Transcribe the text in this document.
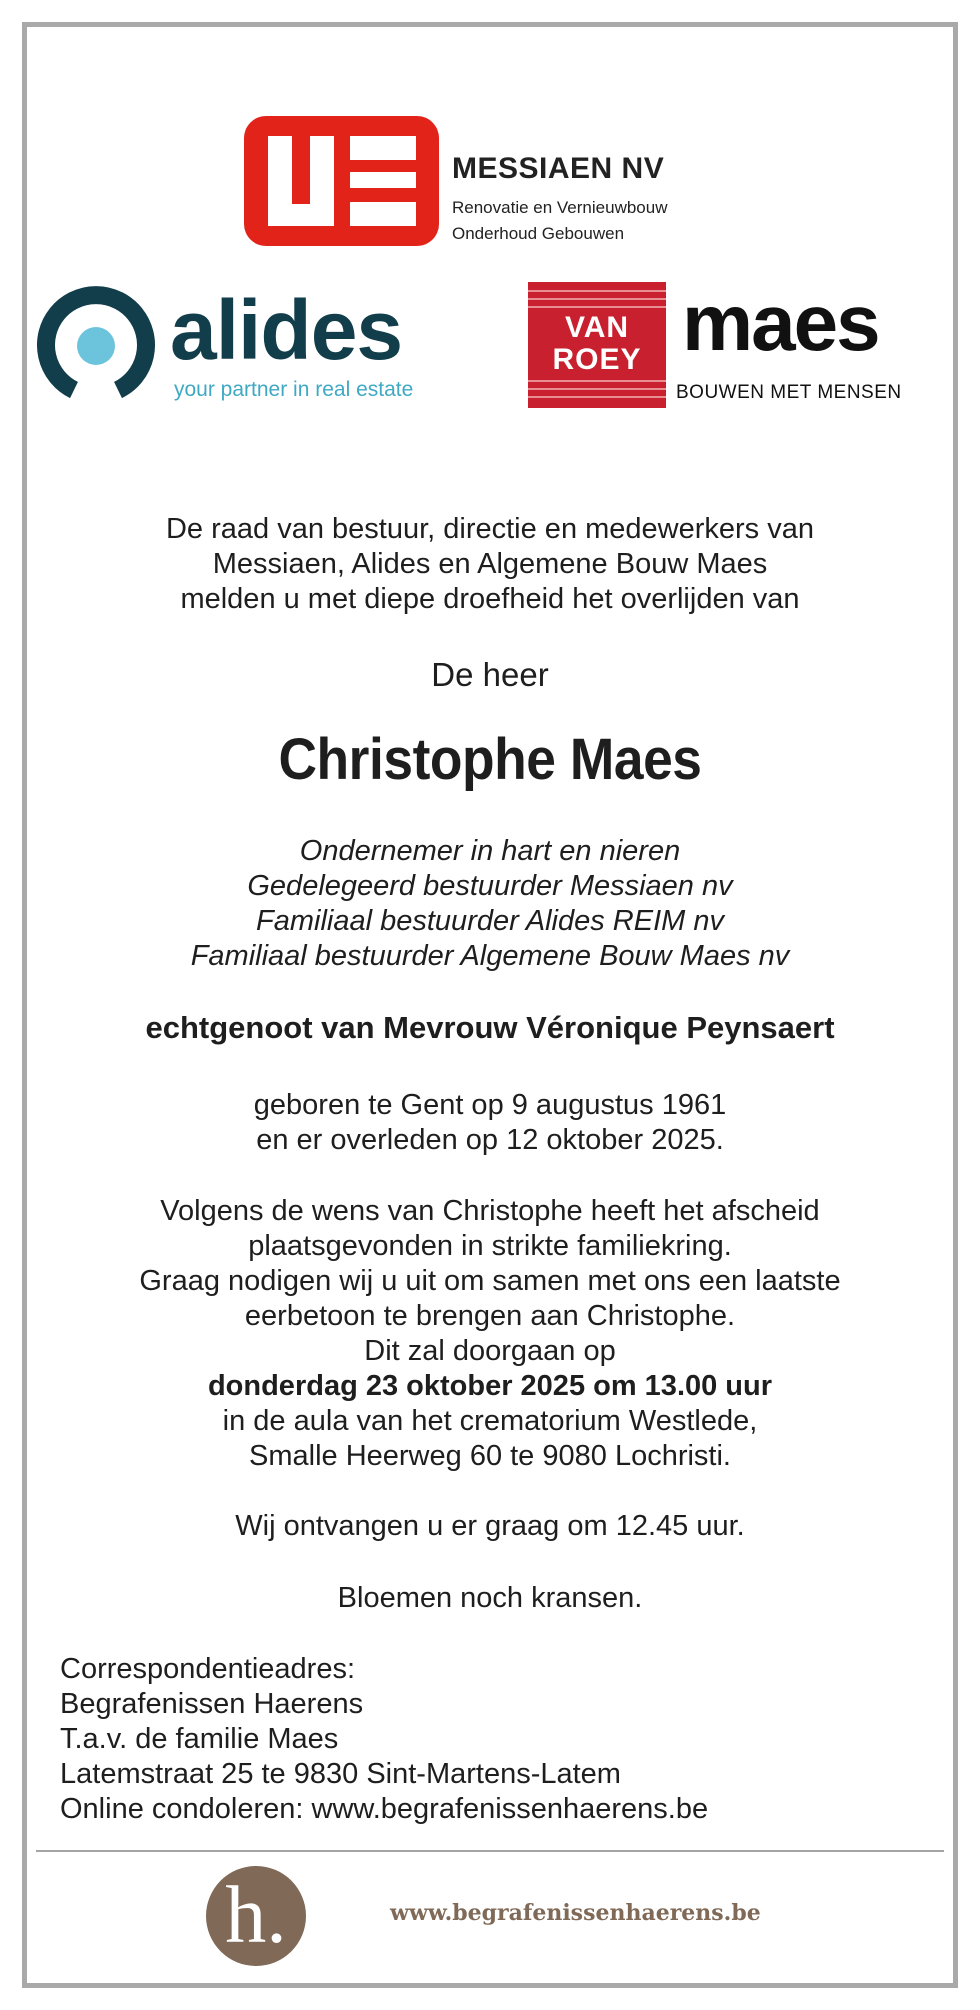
MESSIAEN NV
Renovatie en Vernieuwbouw
Onderhoud Gebouwen
alides
your partner in real estate
VAN
ROEY maes
BOUWEN MET MENSEN
De raad van bestuur, directie en medewerkers van
Messiaen, Alides en Algemene Bouw Maes
melden u met diepe droefheid het overlijden van
De heer
Christophe Maes
Ondernemer in hart en nieren
Gedelegeerd bestuurder Messiaen nv
Familiaal bestuurder Alides REIM nv
Familiaal bestuurder Algemene Bouw Maes nv
echtgenoot van Mevrouw Véronique Peynsaert
geboren te Gent op 9 augustus 1961
en er overleden op 12 oktober 2025.
Volgens de wens van Christophe heeft het afscheid
plaatsgevonden in strikte familiekring.
Graag nodigen wij u uit om samen met ons een laatste
eerbetoon te brengen aan Christophe.
Dit zal doorgaan op
donderdag 23 oktober 2025 om 13.00 uur
in de aula van het crematorium Westlede,
Smalle Heerweg 60 te 9080 Lochristi.
Wij ontvangen u er graag om 12.45 uur.
Bloemen noch kransen.
Correspondentieadres:
Begrafenissen Haerens
T.a.v. de familie Maes
Latemstraat 25 te 9830 Sint-Martens-Latem
Online condoleren: www.begrafenissenhaerens.be
h.	www.begrafenissenhaerens.be
